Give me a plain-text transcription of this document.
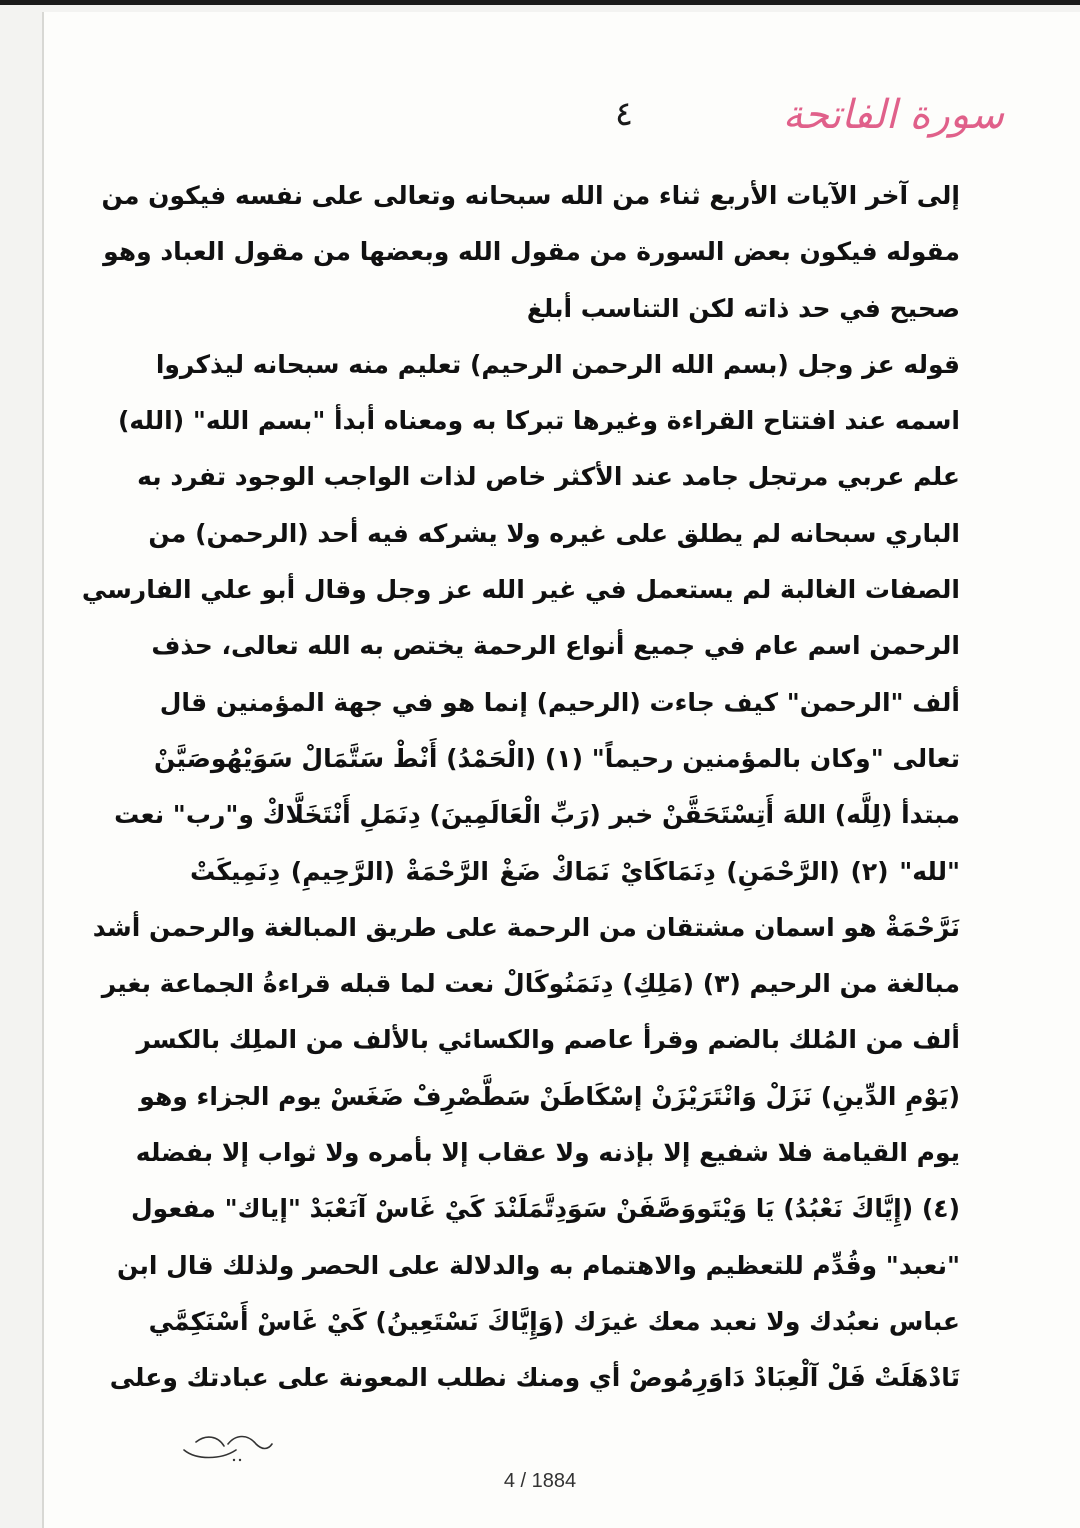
٤	سورة الفاتحة
إلى آخر الآيات الأربع ثناء من الله سبحانه وتعالى على نفسه فيكون من
مقوله فيكون بعض السورة من مقول الله وبعضها من مقول العباد وهو
صحيح في حد ذاته لكن التناسب أبلغ
قوله عز وجل (بسم الله الرحمن الرحيم) تعليم منه سبحانه ليذكروا
اسمه عند افتتاح القراءة وغيرها تبركا به ومعناه أبدأ "بسم الله" (الله)
علم عربي مرتجل جامد عند الأكثر خاص لذات الواجب الوجود تفرد به
الباري سبحانه لم يطلق على غيره ولا يشركه فيه أحد (الرحمن) من
الصفات الغالبة لم يستعمل في غير الله عز وجل وقال أبو علي الفارسي
الرحمن اسم عام في جميع أنواع الرحمة يختص به الله تعالى، حذف
ألف "الرحمن" كيف جاءت (الرحيم) إنما هو في جهة المؤمنين قال
تعالى "وكان بالمؤمنين رحيماً" (١) (الْحَمْدُ) أَنْطْ سَتَّمَالْ سَوَيْهُوصَيَّنْ
مبتدأ (لِلَّه) اللهَ أَتِسْتَحَقَّنْ خبر (رَبِّ الْعَالَمِينَ) دِنَمَلِ أَنْتَخَلَّاكْ و"رب" نعت
"لله" (٢) (الرَّحْمَنِ) دِنَمَاكَايْ نَمَاكْ ضَغْ الرَّحْمَةْ (الرَّحِيمِ) دِنَمِيكَتْ
نَرَّحْمَةْ هو اسمان مشتقان من الرحمة على طريق المبالغة والرحمن أشد
مبالغة من الرحيم (٣) (مَلِكِ) دِنَمَنُوكَالْ نعت لما قبله قراءةُ الجماعة بغير
ألف من المُلك بالضم وقرأ عاصم والكسائي بالألف من الملِك بالكسر
(يَوْمِ الدِّينِ) نَزَلْ وَانْتَرَيْزَنْ إسْكَاطَنْ سَطَّصْرِفْ ضَغَسْ يوم الجزاء وهو
يوم القيامة فلا شفيع إلا بإذنه ولا عقاب إلا بأمره ولا ثواب إلا بفضله
(٤) (إِيَّاكَ نَعْبُدُ) يَا وَيْتَووَصَّفَنْ سَوَدِتَّمَلَنْدَ كَيْ غَاسْ آنَعْبَدْ "إياك" مفعول
"نعبد" وقُدِّم للتعظيم والاهتمام به والدلالة على الحصر ولذلك قال ابن
عباس نعبُدك ولا نعبد معك غيرَك (وَإِيَّاكَ نَسْتَعِينُ) كَيْ غَاسْ أَسْنَكِمَّي
تَادْهَلَتْ فَلْ آلْعِبَادْ دَاوَرِمُوصْ أي ومنك نطلب المعونة على عبادتك وعلى
4 / 1884
